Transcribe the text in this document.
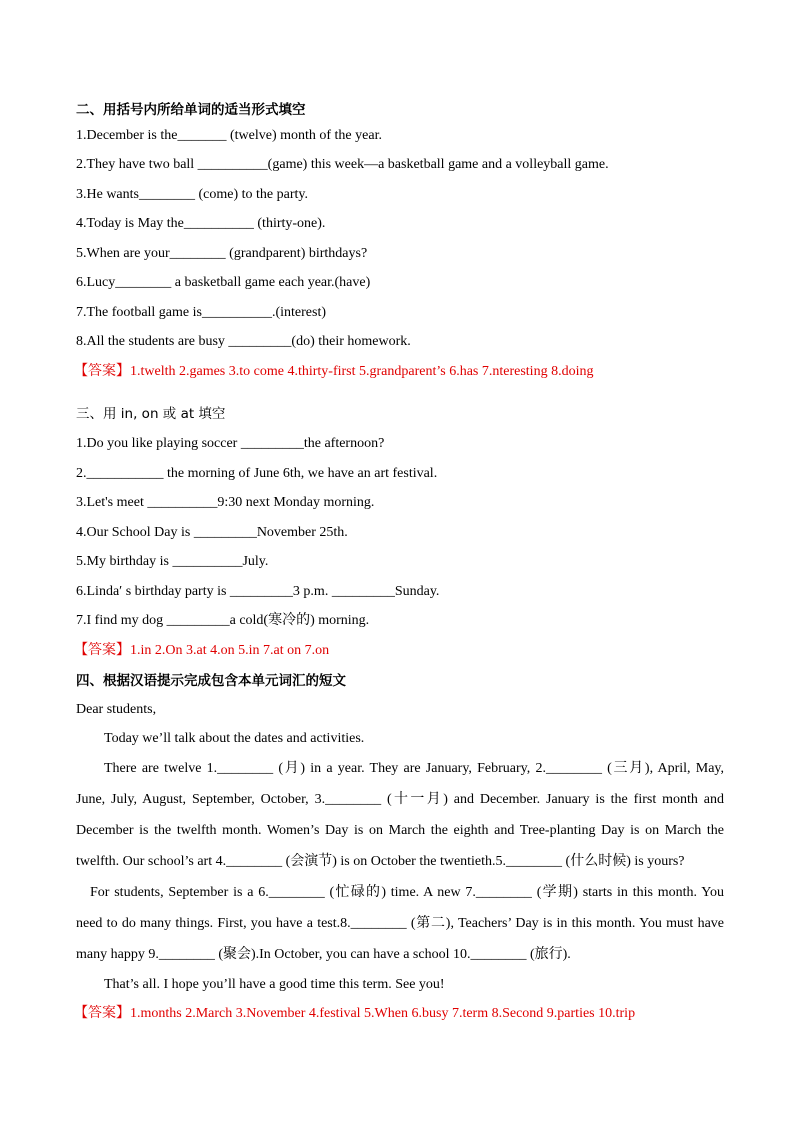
二、用括号内所给单词的适当形式填空
1.December is the_______ (twelve) month of the year.
2.They have two ball __________(game) this week—a basketball game and a volleyball game.
3.He wants________ (come) to the party.
4.Today is May the__________ (thirty-one).
5.When are your________ (grandparent) birthdays?
6.Lucy________ a basketball game each year.(have)
7.The football game is__________.(interest)
8.All the students are busy _________(do) their homework.
【答案】1.twelth 2.games 3.to come 4.thirty-first 5.grandparent’s 6.has 7.nteresting 8.doing
三、用 in, on 或 at 填空
1.Do you like playing soccer _________the afternoon?
2.___________ the morning of June 6th, we have an art festival.
3.Let's meet __________9:30 next Monday morning.
4.Our School Day is _________November 25th.
5.My birthday is __________July.
6.Linda′ s birthday party is _________3 p.m. _________Sunday.
7.I find my dog _________a cold(寒冷的) morning.
【答案】1.in 2.On 3.at 4.on 5.in 7.at on 7.on
四、根据汉语提示完成包含本单元词汇的短文
Dear students,
Today we’ll talk about the dates and activities.
There are twelve 1.________ (月) in a year. They are January, February, 2.________ (三月), April, May,
June, July, August, September, October, 3.________ (十一月) and December. January is the first month and
December is the twelfth month. Women’s Day is on March the eighth and Tree-planting Day is on March the
twelfth. Our school’s art 4.________ (会演节) is on October the twentieth.5.________ (什么时候) is yours?
For students, September is a 6.________ (忙碌的) time. A new 7.________ (学期) starts in this month. You
need to do many things. First, you have a test.8.________ (第二), Teachers’ Day is in this month. You must have
many happy 9.________ (聚会).In October, you can have a school 10.________ (旅行).
That’s all. I hope you’ll have a good time this term. See you!
【答案】1.months 2.March 3.November 4.festival 5.When 6.busy 7.term 8.Second 9.parties 10.trip
